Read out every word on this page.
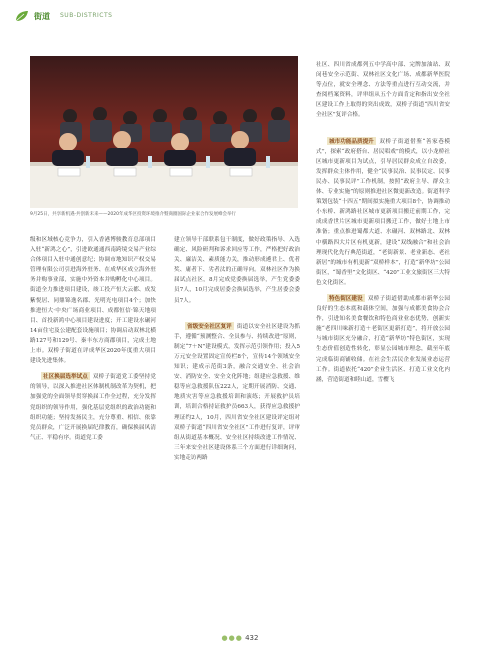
街道 SUB-DISTRICTS
9月25日，共享新机遇·共创新未来——2020年成华区投资环境推介暨商圈国际企业家合作发展峰会举行

级和区域核心竞争力，引入香港博骏教育总部项目入驻“新鸿之心”，引进欧通通西南跨境交易产业综合体项目入驻中通创意纪；协调市地知识产权交易管理有限公司引进海外驻务、在成华区成立海外驻务并购事业部，实施中外资本并购孵化中心项目。街道全力推进项目建设，竣工投产恒大云都、成发紫悦居、同鼎锦逸名郡、光明光电项目4个；加快推进恒大·中央广场商业项目、成都恒信·锦天地项目、首投新鸿中心项目建设进度；开工建设水碾河14亩住宅及公建配套设施项目；协调启动双林北横路127号和129号、秦丰东方商郡项目，完成土地上市。双桥子街道在评成华区2020年度重大项目建设先进集体。

社区换届选举试点 双桥子街道党工委坚持党的领导，以深入推进社区体制机制改革为契机，把加强党的全面领导贯穿换届工作全过程，充分发挥党组织的领导作用，强化基层党组织的政治功能和组织功能；坚持发扬民主，充分尊重、相信、依靠党员群众，广泛开展换届纪律教育，确保换届风清气正、平稳有序。街道党工委

建立领导干部联系包干制度，做好政策指导、入选确定、风险研判和诉求回应等工作，严格把好政治关、廉洁关、素质能力关，推动形成遴君上、优者奖、庸者下、劣者汰的正确导向。双林社区作为换届试点社区，8月完成党委换届选举，产生党委委员7人，10月完成居委会换届选举，产生居委会委员7人。

省级安全社区复评 街道以安全社区建设为抓手，遵循“预测整合、全员参与、持续改进”原则，制定“7＋N”建设模式，发挥示范引领作用；投入5万元安全设置固定宣传栏8个，宣传14个领域安全知识；建成示范街3条，融合交通安全、社会治安、消防安全、安全文化阵地；组建应急救援、维稳等应急救援队伍222人，定期开展消防、交通、地质灾害等应急救援培训和演练；开展救护员培训，培训合格持证救护员663人，获得应急救援护理证约2人，10月，四川省安全社区建设评定组对双桥子街道“四川省安全社区”工作进行复评，评审组从街道基本概况、安全社区持续改进工作情况、三年来安全社区建设体系三个方面进行详细询问，实地走访两路

社区、四川省成都列五中学高中部、完牌加油站、双闵巷安全示范街、双林社区文化广场、成都新华医院等点位，就安全理念、方法等重点进行互动交流，并查阅档案资料，评审组从五个方面肯定和指出安全社区建设工作上取得的突出成效，双桥子街道“四川省安全社区”复评合格。

城市功能品质提升 双桥子街道借鉴“善家巷模式”，探索“政府搭台、居民唱戏”的模式，以小龙桥社区城市更新项目为试点，引导居民群众成立自改委，发挥群众主体作用，健全“民事民治、民事民定、民事民办、民事民评”工作机制，按照“政府主导、群众主体、专业实施”的原则推进社区微更新改造。街道科学策划包装“十四五”期间拟实施重大项目8个，协调推动小东桥、新鸿路社区城市更新项目搬迁前期工作，完成成香世片区城市更新项目搬迁工作，做好土地上市准备；重点推进蜀都大道、水碾河、双林路北、双林中横路四大片区有机更新，建设“双线融合”和社会治理现代化先行典范街道，“老街新景、老业新态、老社新居”的城市有机更新“双桥样本”，打造“新华坊”公园街区，“蜀香里”文化街区、“420”工业文旅街区三大特色文化街区。

特色街区建设 双桥子街道借助成都市新华公园良好的生态本底和载体空间，加强与成都美食协会合作，引进知名美食餐饮和特色商业业态优势，创新实施“老四川味新打造＋老街区更新打造”，将开放公园与城市街区充分融合，打造“新华坊”特色街区，实现生态价值创造性转化，彰显公园城市理念，截至年底完成临街商铺收储。在社会生活民企业发展业态运营工作。街道依托“420”企业生活区、打造工业文化内涵，营造街道和睦山道，雪樱飞

●●● 432
